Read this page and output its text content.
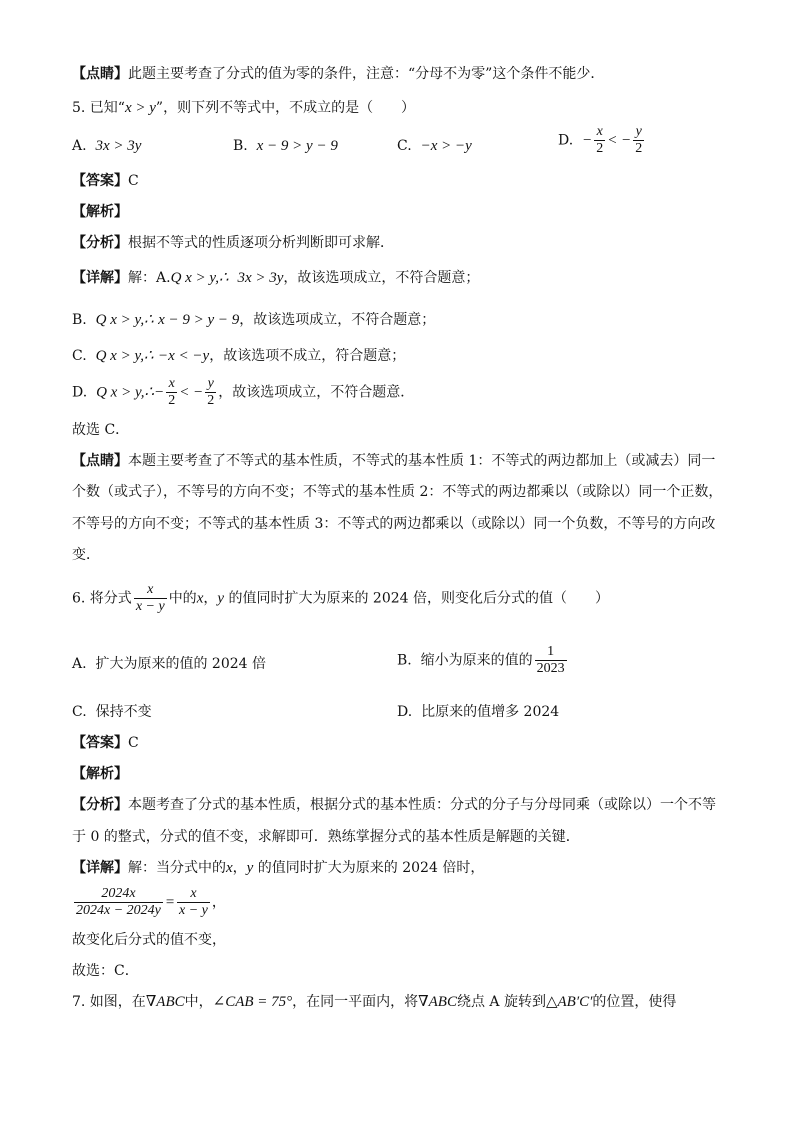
【点睛】此题主要考查了分式的值为零的条件，注意：“分母不为零”这个条件不能少．
5. 已知“x > y”，则下列不等式中，不成立的是（　　）
A. 3x > 3y	B. x − 9 > y − 9	C. −x > −y	D. − $\frac{x}{2}$ < − $\frac{y}{2}$
【答案】C
【解析】
【分析】根据不等式的性质逐项分析判断即可求解．
【详解】解：A.Q x > y,∴ 3x > 3y，故该选项成立，不符合题意；
B. Q x > y,∴ x − 9 > y − 9，故该选项成立，不符合题意；
C. Q x > y,∴ −x < −y，故该选项不成立，符合题意；
D. Q x > y,∴− $\frac{x}{2}$ < − $\frac{y}{2}$ ，故该选项成立，不符合题意．
故选 C．
【点睛】本题主要考查了不等式的基本性质，不等式的基本性质 1：不等式的两边都加上（或减去）同一
个数（或式子），不等号的方向不变；不等式的基本性质 2：不等式的两边都乘以（或除以）同一个正数，
不等号的方向不变；不等式的基本性质 3：不等式的两边都乘以（或除以）同一个负数，不等号的方向改
变．
6. 将分式 $\frac{x}{x - y}$ 中的x，y 的值同时扩大为原来的 2024 倍，则变化后分式的值（　　）
A. 扩大为原来的值的 2024 倍	B. 缩小为原来的值的 $\frac{1}{2023}$
C. 保持不变	D. 比原来的值增多 2024
【答案】C
【解析】
【分析】本题考查了分式的基本性质，根据分式的基本性质：分式的分子与分母同乘（或除以）一个不等
于 0 的整式，分式的值不变，求解即可．熟练掌握分式的基本性质是解题的关键．
【详解】解：当分式中的x，y 的值同时扩大为原来的 2024 倍时，
$\frac{2024x}{2024x - 2024y} = \frac{x}{x - y}$ ，
故变化后分式的值不变，
故选：C．
7. 如图，在∇ABC中，∠CAB = 75°，在同一平面内，将∇ABC绕点 A 旋转到△AB′C′的位置，使得
